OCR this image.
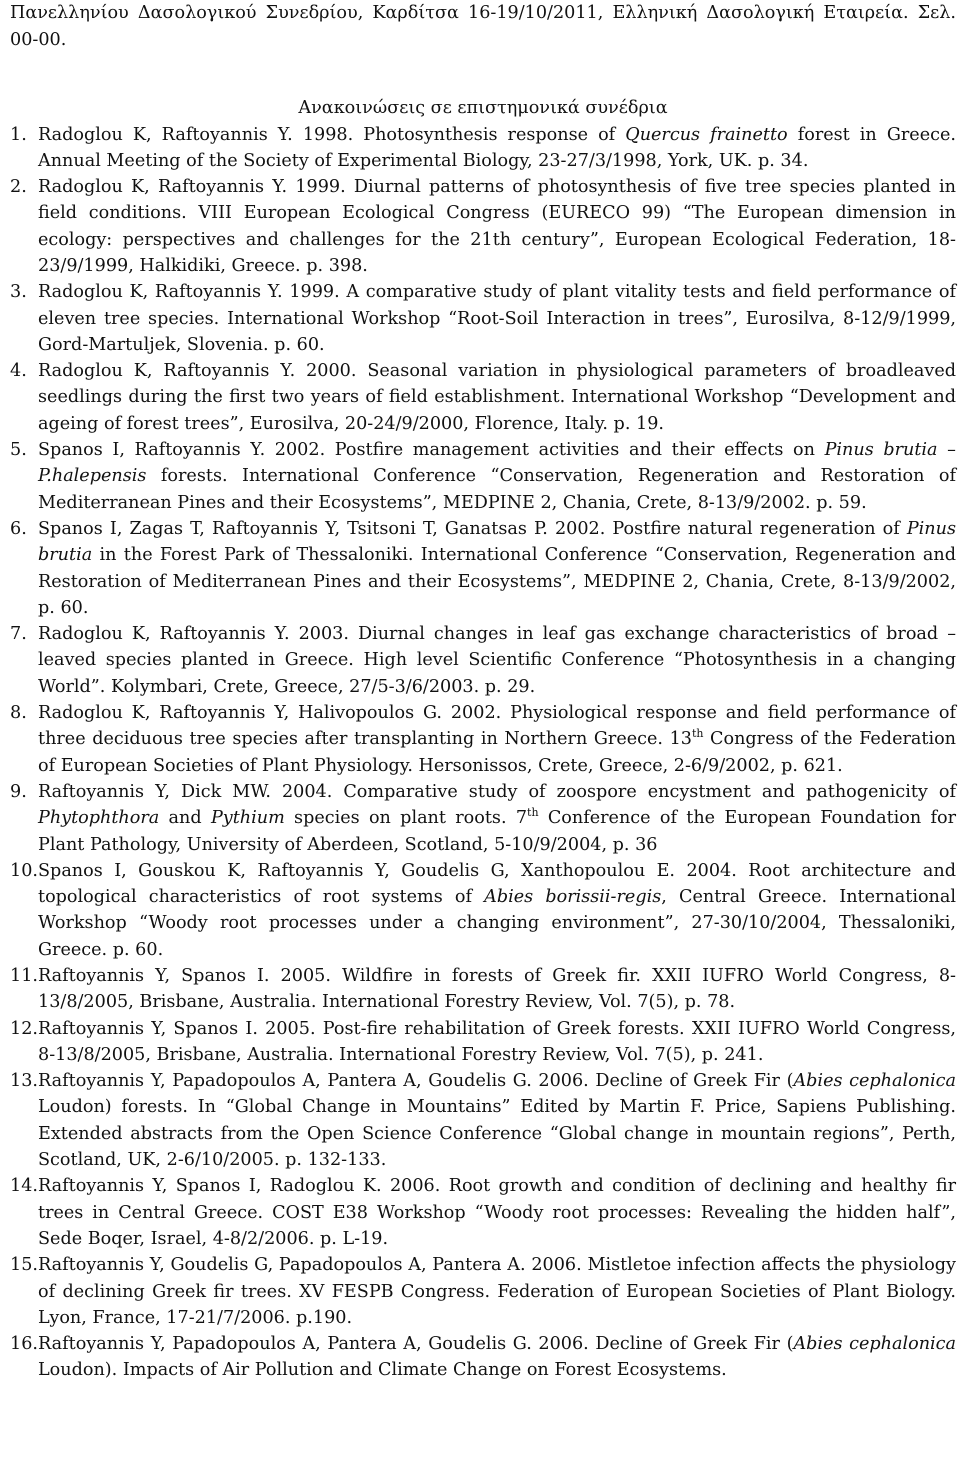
Πανελληνίου Δασολογικού Συνεδρίου, Καρδίτσα 16-19/10/2011, Ελληνική Δασολογική Εταιρεία. Σελ. 00-00.
Ανακοινώσεις σε επιστημονικά συνέδρια
1. Radoglou K, Raftoyannis Y. 1998. Photosynthesis response of Quercus frainetto forest in Greece. Annual Meeting of the Society of Experimental Biology, 23-27/3/1998, York, UK. p. 34.
2. Radoglou K, Raftoyannis Y. 1999. Diurnal patterns of photosynthesis of five tree species planted in field conditions. VIII European Ecological Congress (EURECO 99) “The European dimension in ecology: perspectives and challenges for the 21th century”, European Ecological Federation, 18-23/9/1999, Halkidiki, Greece. p. 398.
3. Radoglou K, Raftoyannis Y. 1999. A comparative study of plant vitality tests and field performance of eleven tree species. International Workshop “Root-Soil Interaction in trees”, Eurosilva, 8-12/9/1999, Gord-Martuljek, Slovenia. p. 60.
4. Radoglou K, Raftoyannis Y. 2000. Seasonal variation in physiological parameters of broadleaved seedlings during the first two years of field establishment. International Workshop “Development and ageing of forest trees”, Eurosilva, 20-24/9/2000, Florence, Italy. p. 19.
5. Spanos I, Raftoyannis Y. 2002. Postfire management activities and their effects on Pinus brutia – P.halepensis forests. International Conference “Conservation, Regeneration and Restoration of Mediterranean Pines and their Ecosystems”, MEDPINE 2, Chania, Crete, 8-13/9/2002. p. 59.
6. Spanos I, Zagas T, Raftoyannis Y, Tsitsoni T, Ganatsas P. 2002. Postfire natural regeneration of Pinus brutia in the Forest Park of Thessaloniki. International Conference “Conservation, Regeneration and Restoration of Mediterranean Pines and their Ecosystems”, MEDPINE 2, Chania, Crete, 8-13/9/2002, p. 60.
7. Radoglou K, Raftoyannis Y. 2003. Diurnal changes in leaf gas exchange characteristics of broad – leaved species planted in Greece. High level Scientific Conference “Photosynthesis in a changing World”. Kolymbari, Crete, Greece, 27/5-3/6/2003. p. 29.
8. Radoglou K, Raftoyannis Y, Halivopoulos G. 2002. Physiological response and field performance of three deciduous tree species after transplanting in Northern Greece. 13th Congress of the Federation of European Societies of Plant Physiology. Hersonissos, Crete, Greece, 2-6/9/2002, p. 621.
9. Raftoyannis Y, Dick MW. 2004. Comparative study of zoospore encystment and pathogenicity of Phytophthora and Pythium species on plant roots. 7th Conference of the European Foundation for Plant Pathology, University of Aberdeen, Scotland, 5-10/9/2004, p. 36
10. Spanos I, Gouskou K, Raftoyannis Y, Goudelis G, Xanthopoulou E. 2004. Root architecture and topological characteristics of root systems of Abies borissii-regis, Central Greece. International Workshop “Woody root processes under a changing environment”, 27-30/10/2004, Thessaloniki, Greece. p. 60.
11. Raftoyannis Y, Spanos I. 2005. Wildfire in forests of Greek fir. XXII IUFRO World Congress, 8-13/8/2005, Brisbane, Australia. International Forestry Review, Vol. 7(5), p. 78.
12. Raftoyannis Y, Spanos I. 2005. Post-fire rehabilitation of Greek forests. XXII IUFRO World Congress, 8-13/8/2005, Brisbane, Australia. International Forestry Review, Vol. 7(5), p. 241.
13. Raftoyannis Y, Papadopoulos A, Pantera A, Goudelis G. 2006. Decline of Greek Fir (Abies cephalonica Loudon) forests. In “Global Change in Mountains” Edited by Martin F. Price, Sapiens Publishing. Extended abstracts from the Open Science Conference “Global change in mountain regions”, Perth, Scotland, UK, 2-6/10/2005. p. 132-133.
14. Raftoyannis Y, Spanos I, Radoglou K. 2006. Root growth and condition of declining and healthy fir trees in Central Greece. COST E38 Workshop “Woody root processes: Revealing the hidden half”, Sede Boqer, Israel, 4-8/2/2006. p. L-19.
15. Raftoyannis Y, Goudelis G, Papadopoulos A, Pantera A. 2006. Mistletoe infection affects the physiology of declining Greek fir trees. XV FESPB Congress. Federation of European Societies of Plant Biology. Lyon, France, 17-21/7/2006. p.190.
16. Raftoyannis Y, Papadopoulos A, Pantera A, Goudelis G. 2006. Decline of Greek Fir (Abies cephalonica Loudon). Impacts of Air Pollution and Climate Change on Forest Ecosystems.
